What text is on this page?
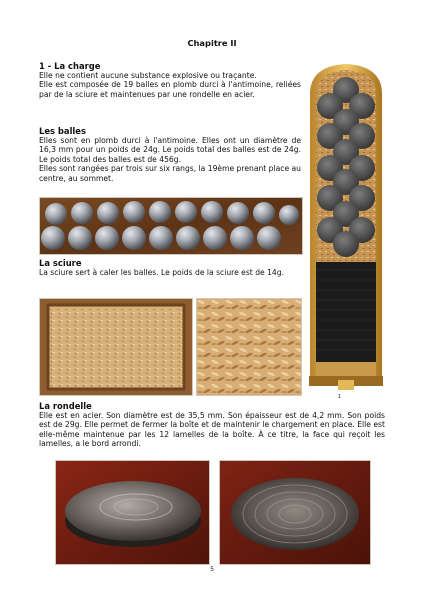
Chapitre II
1 - La charge
Elle ne contient aucune substance explosive ou traçante.
Elle est composée de 19 balles en plomb durci à l'antimoine, reliées par de la sciure et maintenues par une rondelle en acier.
Les balles
Elles sont en plomb durci à l'antimoine. Elles ont un diamètre de 16,3 mm pour un poids de 24g. Le poids total des balles est de 24g. Le poids total des balles est de 456g.
Elles sont rangées par trois sur six rangs, la 19ème prenant place au centre, au sommet.
La sciure
La sciure sert à caler les balles. Le poids de la sciure est de 14g.
1
La rondelle
Elle est en acier. Son diamètre est de 35,5 mm. Son épaisseur est de 4,2 mm. Son poids est de 29g. Elle permet de fermer la boîte et de maintenir le chargement en place. Elle est elle-même maintenue par les 12 lamelles de la boîte. À ce titre, la face qui reçoit les lamelles, a le bord arrondi.
5
